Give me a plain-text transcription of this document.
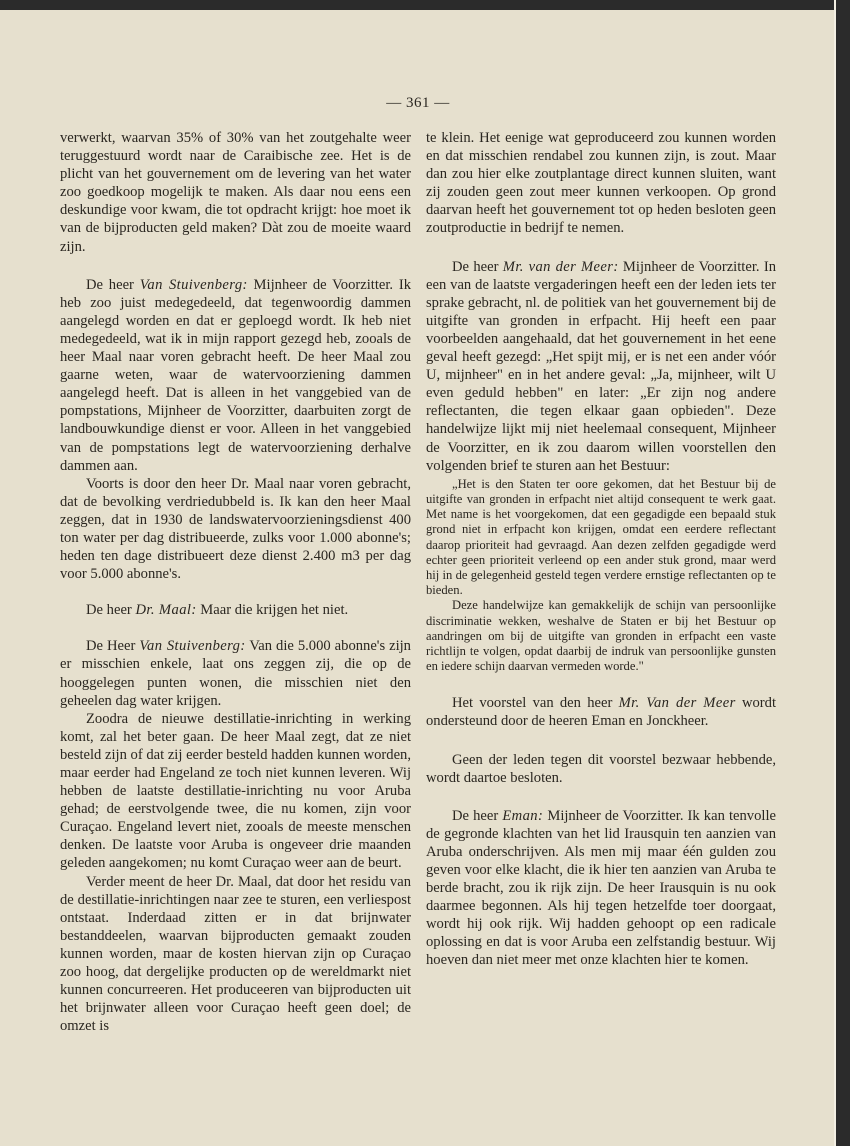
— 361 —

verwerkt, waarvan 35% of 30% van het zoutgehalte weer teruggestuurd wordt naar de Caraibische zee. Het is de plicht van het gouvernement om de levering van het water zoo goedkoop mogelijk te maken. Als daar nou eens een deskundige voor kwam, die tot opdracht krijgt: hoe moet ik van de bijproducten geld maken? Dàt zou de moeite waard zijn.

De heer Van Stuivenberg: Mijnheer de Voorzitter. Ik heb zoo juist medegedeeld, dat tegenwoordig dammen aangelegd worden en dat er geploegd wordt. Ik heb niet medegedeeld, wat ik in mijn rapport gezegd heb, zooals de heer Maal naar voren gebracht heeft. De heer Maal zou gaarne weten, waar de watervoorziening dammen aangelegd heeft. Dat is alleen in het vanggebied van de pompstations, Mijnheer de Voorzitter, daarbuiten zorgt de landbouwkundige dienst er voor. Alleen in het vanggebied van de pompstations legt de watervoorziening derhalve dammen aan.

Voorts is door den heer Dr. Maal naar voren gebracht, dat de bevolking verdriedubbeld is. Ik kan den heer Maal zeggen, dat in 1930 de landswatervoorzieningsdienst 400 ton water per dag distribueerde, zulks voor 1.000 abonne's; heden ten dage distribueert deze dienst 2.400 m3 per dag voor 5.000 abonne's.

De heer Dr. Maal: Maar die krijgen het niet.

De Heer Van Stuivenberg: Van die 5.000 abonne's zijn er misschien enkele, laat ons zeggen zij, die op de hooggelegen punten wonen, die misschien niet den geheelen dag water krijgen.

Zoodra de nieuwe destillatie-inrichting in werking komt, zal het beter gaan. De heer Maal zegt, dat ze niet besteld zijn of dat zij eerder besteld hadden kunnen worden, maar eerder had Engeland ze toch niet kunnen leveren. Wij hebben de laatste destillatie-inrichting nu voor Aruba gehad; de eerstvolgende twee, die nu komen, zijn voor Curaçao. Engeland levert niet, zooals de meeste menschen denken. De laatste voor Aruba is ongeveer drie maanden geleden aangekomen; nu komt Curaçao weer aan de beurt.

Verder meent de heer Dr. Maal, dat door het residu van de destillatie-inrichtingen naar zee te sturen, een verliespost ontstaat. Inderdaad zitten er in dat brijnwater bestanddeelen, waarvan bijproducten gemaakt zouden kunnen worden, maar de kosten hiervan zijn op Curaçao zoo hoog, dat dergelijke producten op de wereldmarkt niet kunnen concurreeren. Het produceeren van bijproducten uit het brijnwater alleen voor Curaçao heeft geen doel; de omzet is

te klein. Het eenige wat geproduceerd zou kunnen worden en dat misschien rendabel zou kunnen zijn, is zout. Maar dan zou hier elke zoutplantage direct kunnen sluiten, want zij zouden geen zout meer kunnen verkoopen. Op grond daarvan heeft het gouvernement tot op heden besloten geen zoutproductie in bedrijf te nemen.

De heer Mr. van der Meer: Mijnheer de Voorzitter. In een van de laatste vergaderingen heeft een der leden iets ter sprake gebracht, nl. de politiek van het gouvernement bij de uitgifte van gronden in erfpacht. Hij heeft een paar voorbeelden aangehaald, dat het gouvernement in het eene geval heeft gezegd: „Het spijt mij, er is net een ander vóór U, mijnheer" en in het andere geval: „Ja, mijnheer, wilt U even geduld hebben" en later: „Er zijn nog andere reflectanten, die tegen elkaar gaan opbieden". Deze handelwijze lijkt mij niet heelemaal consequent, Mijnheer de Voorzitter, en ik zou daarom willen voorstellen den volgenden brief te sturen aan het Bestuur:

„Het is den Staten ter oore gekomen, dat het Bestuur bij de uitgifte van gronden in erfpacht niet altijd consequent te werk gaat. Met name is het voorgekomen, dat een gegadigde een bepaald stuk grond niet in erfpacht kon krijgen, omdat een eerdere reflectant daarop prioriteit had gevraagd. Aan dezen zelfden gegadigde werd echter geen prioriteit verleend op een ander stuk grond, maar werd hij in de gelegenheid gesteld tegen verdere ernstige reflectanten op te bieden.

Deze handelwijze kan gemakkelijk de schijn van persoonlijke discriminatie wekken, weshalve de Staten er bij het Bestuur op aandringen om bij de uitgifte van gronden in erfpacht een vaste richtlijn te volgen, opdat daarbij de indruk van persoonlijke gunsten en iedere schijn daarvan vermeden worde."

Het voorstel van den heer Mr. Van der Meer wordt ondersteund door de heeren Eman en Jonckheer.

Geen der leden tegen dit voorstel bezwaar hebbende, wordt daartoe besloten.

De heer Eman: Mijnheer de Voorzitter. Ik kan tenvolle de gegronde klachten van het lid Irausquin ten aanzien van Aruba onderschrijven. Als men mij maar één gulden zou geven voor elke klacht, die ik hier ten aanzien van Aruba te berde bracht, zou ik rijk zijn. De heer Irausquin is nu ook daarmee begonnen. Als hij tegen hetzelfde toer doorgaat, wordt hij ook rijk. Wij hadden gehoopt op een radicale oplossing en dat is voor Aruba een zelfstandig bestuur. Wij hoeven dan niet meer met onze klachten hier te komen.
